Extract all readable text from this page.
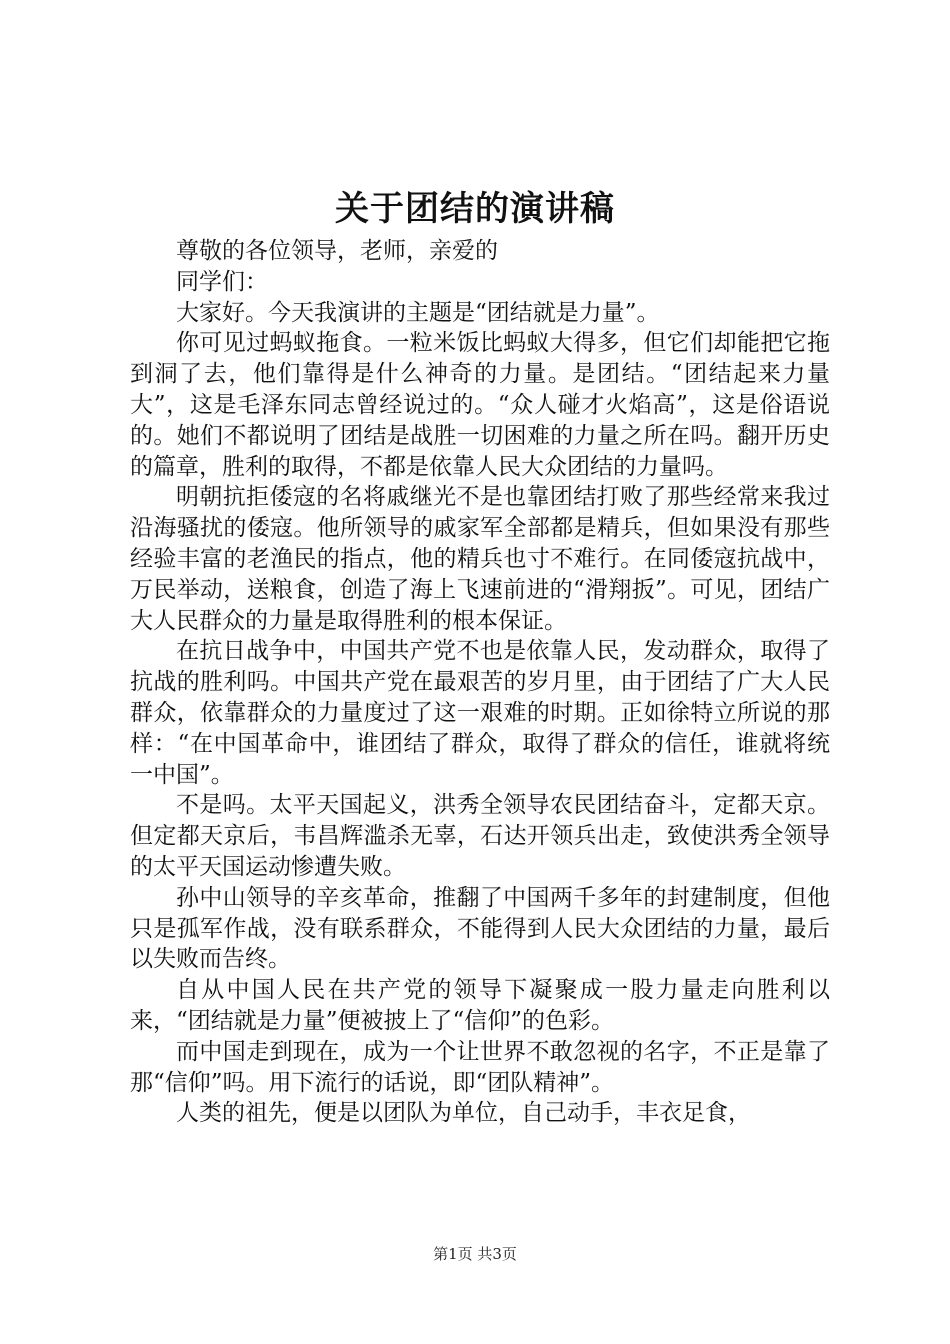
关于团结的演讲稿

尊敬的各位领导，老师，亲爱的

同学们：

大家好。今天我演讲的主题是“团结就是力量”。

你可见过蚂蚁拖食。一粒米饭比蚂蚁大得多，但它们却能把它拖到洞了去，他们靠得是什么神奇的力量。是团结。“团结起来力量大”，这是毛泽东同志曾经说过的。“众人碰才火焰高”，这是俗语说的。她们不都说明了团结是战胜一切困难的力量之所在吗。翻开历史的篇章，胜利的取得，不都是依靠人民大众团结的力量吗。

明朝抗拒倭寇的名将戚继光不是也靠团结打败了那些经常来我过沿海骚扰的倭寇。他所领导的戚家军全部都是精兵，但如果没有那些经验丰富的老渔民的指点，他的精兵也寸不难行。在同倭寇抗战中，万民举动，送粮食，创造了海上飞速前进的“滑翔扳”。可见，团结广大人民群众的力量是取得胜利的根本保证。

在抗日战争中，中国共产党不也是依靠人民，发动群众，取得了抗战的胜利吗。中国共产党在最艰苦的岁月里，由于团结了广大人民群众，依靠群众的力量度过了这一艰难的时期。正如徐特立所说的那样：“在中国革命中，谁团结了群众，取得了群众的信任，谁就将统一中国”。

不是吗。太平天国起义，洪秀全领导农民团结奋斗，定都天京。但定都天京后，韦昌辉滥杀无辜，石达开领兵出走，致使洪秀全领导的太平天国运动惨遭失败。

孙中山领导的辛亥革命，推翻了中国两千多年的封建制度，但他只是孤军作战，没有联系群众，不能得到人民大众团结的力量，最后以失败而告终。

自从中国人民在共产党的领导下凝聚成一股力量走向胜利以来，“团结就是力量”便被披上了“信仰”的色彩。

而中国走到现在，成为一个让世界不敢忽视的名字，不正是靠了那“信仰”吗。用下流行的话说，即“团队精神”。

人类的祖先，便是以团队为单位，自己动手，丰衣足食，

第1页 共3页
